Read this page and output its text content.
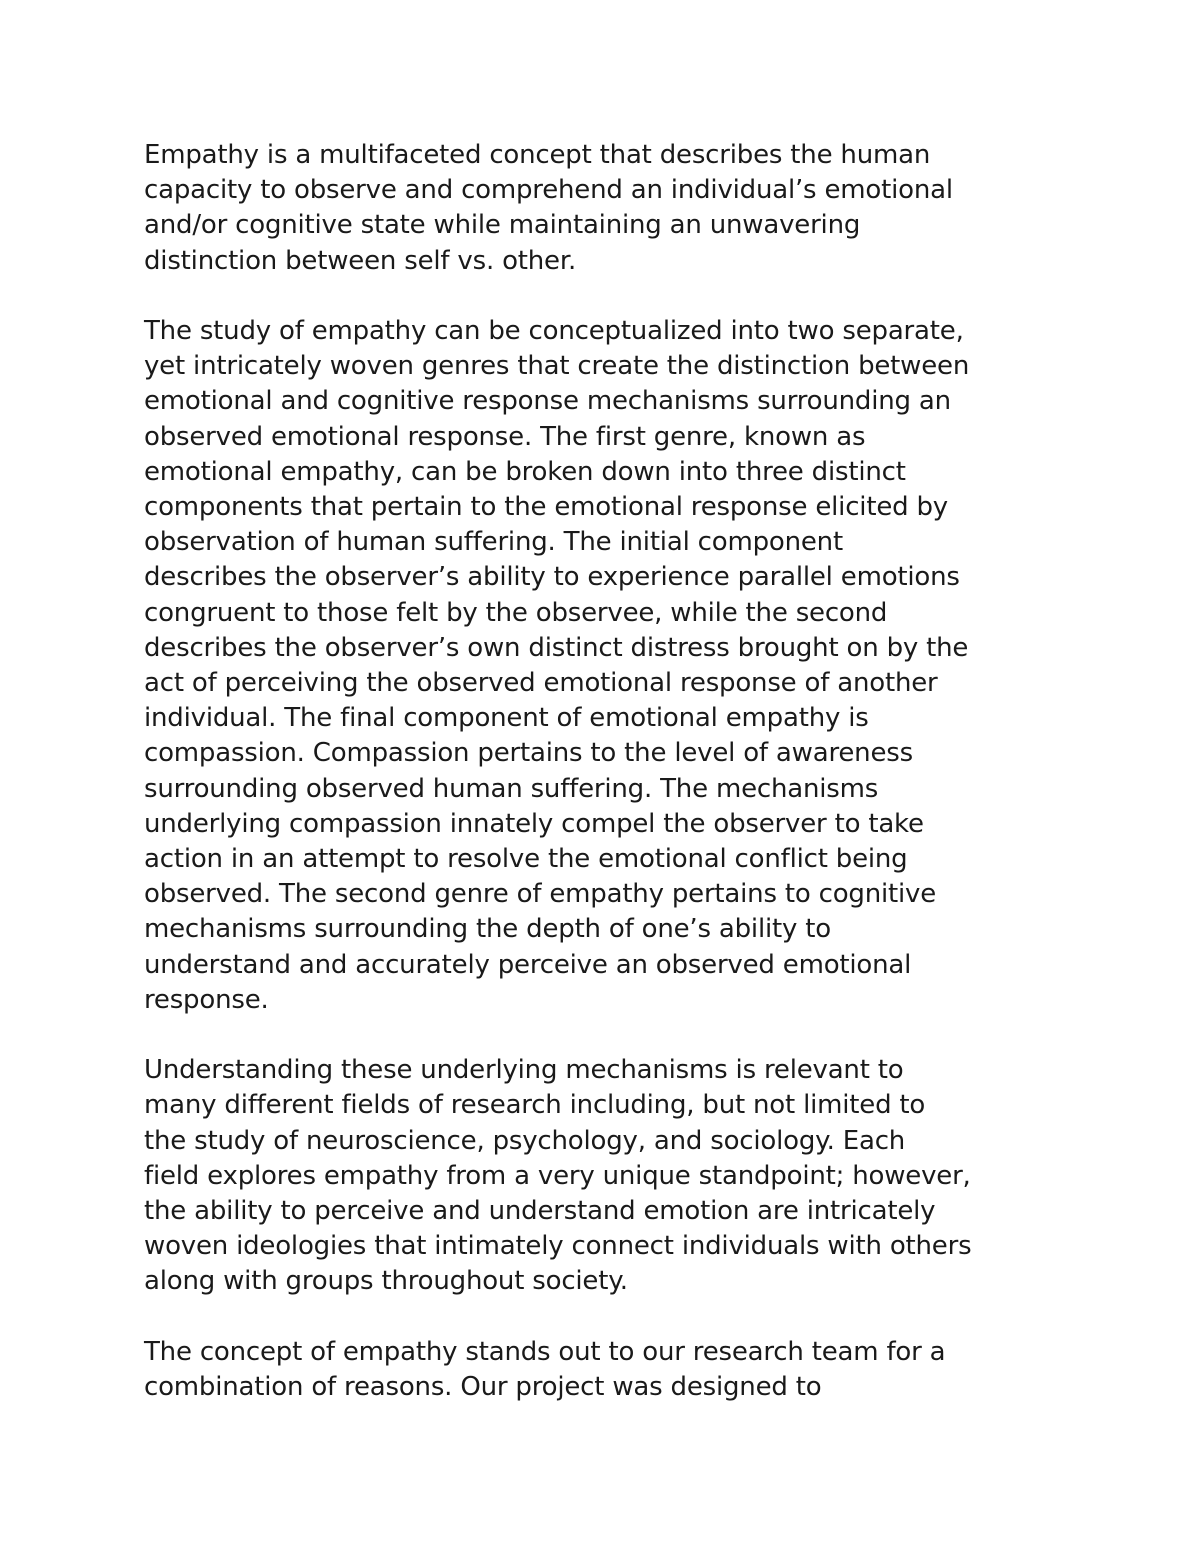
Empathy is a multifaceted concept that describes the human
capacity to observe and comprehend an individual’s emotional
and/or cognitive state while maintaining an unwavering
distinction between self vs. other.

The study of empathy can be conceptualized into two separate,
yet intricately woven genres that create the distinction between
emotional and cognitive response mechanisms surrounding an
observed emotional response. The first genre, known as
emotional empathy, can be broken down into three distinct
components that pertain to the emotional response elicited by
observation of human suffering. The initial component
describes the observer’s ability to experience parallel emotions
congruent to those felt by the observee, while the second
describes the observer’s own distinct distress brought on by the
act of perceiving the observed emotional response of another
individual. The final component of emotional empathy is
compassion. Compassion pertains to the level of awareness
surrounding observed human suffering. The mechanisms
underlying compassion innately compel the observer to take
action in an attempt to resolve the emotional conflict being
observed. The second genre of empathy pertains to cognitive
mechanisms surrounding the depth of one’s ability to
understand and accurately perceive an observed emotional
response.

Understanding these underlying mechanisms is relevant to
many different fields of research including, but not limited to
the study of neuroscience, psychology, and sociology. Each
field explores empathy from a very unique standpoint; however,
the ability to perceive and understand emotion are intricately
woven ideologies that intimately connect individuals with others
along with groups throughout society.

The concept of empathy stands out to our research team for a
combination of reasons. Our project was designed to
